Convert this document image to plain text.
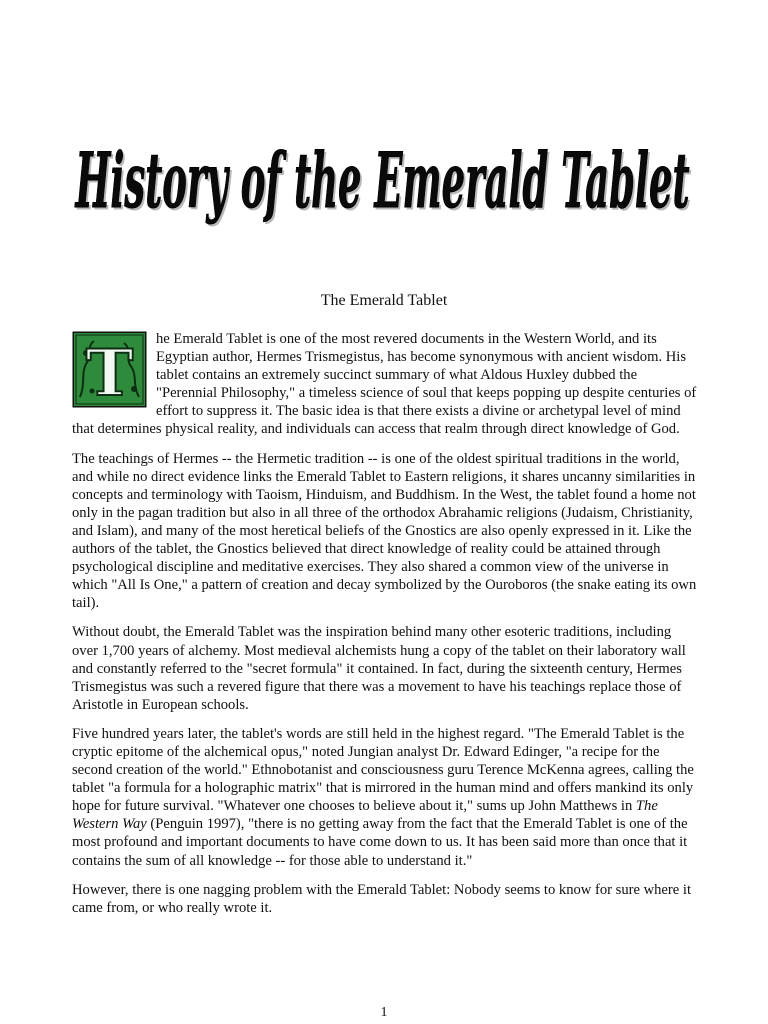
History of the Emerald Tablet
History of the Emerald Tablet
The Emerald Tablet

T he Emerald Tablet is one of the most revered documents in the Western World, and its Egyptian author, Hermes Trismegistus, has become synonymous with ancient wisdom. His tablet contains an extremely succinct summary of what Aldous Huxley dubbed the "Perennial Philosophy," a timeless science of soul that keeps popping up despite centuries of effort to suppress it. The basic idea is that there exists a divine or archetypal level of mind that determines physical reality, and individuals can access that realm through direct knowledge of God.

The teachings of Hermes -- the Hermetic tradition -- is one of the oldest spiritual traditions in the world, and while no direct evidence links the Emerald Tablet to Eastern religions, it shares uncanny similarities in concepts and terminology with Taoism, Hinduism, and Buddhism. In the West, the tablet found a home not only in the pagan tradition but also in all three of the orthodox Abrahamic religions (Judaism, Christianity, and Islam), and many of the most heretical beliefs of the Gnostics are also openly expressed in it. Like the authors of the tablet, the Gnostics believed that direct knowledge of reality could be attained through psychological discipline and meditative exercises. They also shared a common view of the universe in which "All Is One," a pattern of creation and decay symbolized by the Ouroboros (the snake eating its own tail).

Without doubt, the Emerald Tablet was the inspiration behind many other esoteric traditions, including over 1,700 years of alchemy. Most medieval alchemists hung a copy of the tablet on their laboratory wall and constantly referred to the "secret formula" it contained. In fact, during the sixteenth century, Hermes Trismegistus was such a revered figure that there was a movement to have his teachings replace those of Aristotle in European schools.

Five hundred years later, the tablet's words are still held in the highest regard. "The Emerald Tablet is the cryptic epitome of the alchemical opus," noted Jungian analyst Dr. Edward Edinger, "a recipe for the second creation of the world." Ethnobotanist and consciousness guru Terence McKenna agrees, calling the tablet "a formula for a holographic matrix" that is mirrored in the human mind and offers mankind its only hope for future survival. "Whatever one chooses to believe about it," sums up John Matthews in The Western Way (Penguin 1997), "there is no getting away from the fact that the Emerald Tablet is one of the most profound and important documents to have come down to us. It has been said more than once that it contains the sum of all knowledge -- for those able to understand it."

However, there is one nagging problem with the Emerald Tablet: Nobody seems to know for sure where it came from, or who really wrote it.

1
